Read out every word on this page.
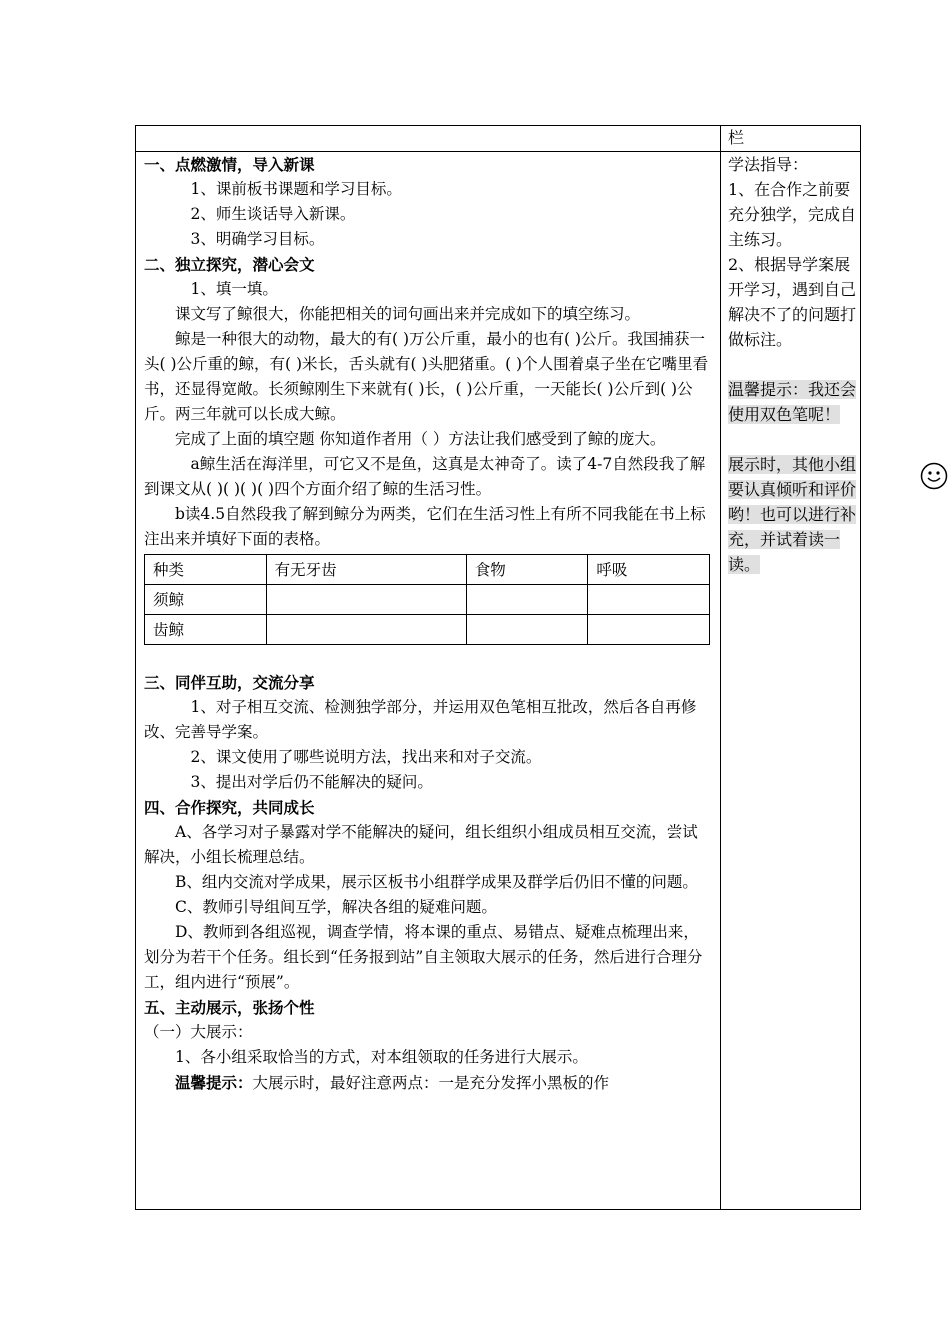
栏

一、点燃激情，导入新课

1、课前板书课题和学习目标。

2、师生谈话导入新课。

3、明确学习目标。

二、独立探究，潜心会文

1、填一填。

课文写了鲸很大，你能把相关的词句画出来并完成如下的填空练习。

鲸是一种很大的动物，最大的有( )万公斤重，最小的也有( )公斤。我国捕获一头( )公斤重的鲸，有( )米长，舌头就有( )头肥猪重。( )个人围着桌子坐在它嘴里看书，还显得宽敞。长须鲸刚生下来就有( )长，( )公斤重，一天能长( )公斤到( )公斤。两三年就可以长成大鲸。

完成了上面的填空题 你知道作者用（ ）方法让我们感受到了鲸的庞大。

a鲸生活在海洋里，可它又不是鱼，这真是太神奇了。读了4-7自然段我了解到课文从( )( )( )( )四个方面介绍了鲸的生活习性。

b读4.5自然段我了解到鲸分为两类，它们在生活习性上有所不同我能在书上标注出来并填好下面的表格。

种类	有无牙齿	食物	呼吸
须鲸			
齿鲸			

三、同伴互助，交流分享

1、对子相互交流、检测独学部分，并运用双色笔相互批改，然后各自再修改、完善导学案。

2、课文使用了哪些说明方法，找出来和对子交流。

3、提出对学后仍不能解决的疑问。

四、合作探究，共同成长

A、各学习对子暴露对学不能解决的疑问，组长组织小组成员相互交流，尝试解决，小组长梳理总结。

B、组内交流对学成果，展示区板书小组群学成果及群学后仍旧不懂的问题。

C、教师引导组间互学，解决各组的疑难问题。

D、教师到各组巡视，调查学情，将本课的重点、易错点、疑难点梳理出来，划分为若干个任务。组长到“任务报到站”自主领取大展示的任务，然后进行合理分工，组内进行“预展”。

五、主动展示，张扬个性

（一）大展示：

1、各小组采取恰当的方式，对本组领取的任务进行大展示。

温馨提示：大展示时，最好注意两点：一是充分发挥小黑板的作

学法指导：

1、在合作之前要充分独学，完成自主练习。

2、根据导学案展开学习，遇到自己解决不了的问题打做标注。

温馨提示：我还会使用双色笔呢！

展示时，其他小组要认真倾听和评价哟！也可以进行补充，并试着读一读。
